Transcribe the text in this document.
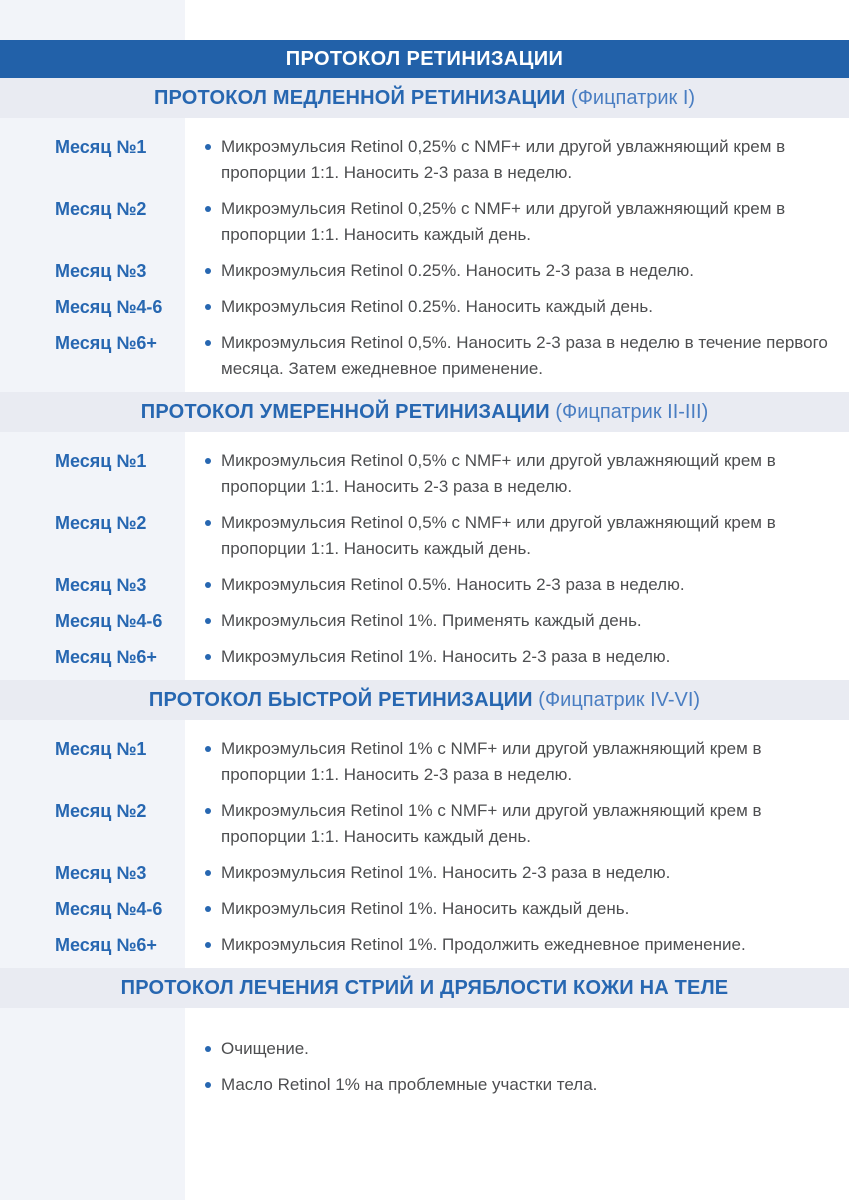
ПРОТОКОЛ РЕТИНИЗАЦИИ
ПРОТОКОЛ МЕДЛЕННОЙ РЕТИНИЗАЦИИ (Фицпатрик I)
Месяц №1	Микроэмульсия Retinol 0,25% с NMF+ или другой увлажняющий крем в пропорции 1:1. Наносить 2-3 раза в неделю.
Месяц №2	Микроэмульсия Retinol 0,25% с NMF+ или другой увлажняющий крем в пропорции 1:1. Наносить каждый день.
Месяц №3	Микроэмульсия Retinol 0.25%. Наносить 2-3 раза в неделю.
Месяц №4-6	Микроэмульсия Retinol 0.25%. Наносить каждый день.
Месяц №6+	Микроэмульсия Retinol 0,5%. Наносить 2-3 раза в неделю в течение первого месяца. Затем ежедневное применение.
ПРОТОКОЛ УМЕРЕННОЙ РЕТИНИЗАЦИИ (Фицпатрик II-III)
Месяц №1	Микроэмульсия Retinol 0,5% с NMF+ или другой увлажняющий крем в пропорции 1:1. Наносить 2-3 раза в неделю.
Месяц №2	Микроэмульсия Retinol 0,5% с NMF+ или другой увлажняющий крем в пропорции 1:1. Наносить каждый день.
Месяц №3	Микроэмульсия Retinol 0.5%. Наносить 2-3 раза в неделю.
Месяц №4-6	Микроэмульсия Retinol 1%. Применять каждый день.
Месяц №6+	Микроэмульсия Retinol 1%. Наносить 2-3 раза в неделю.
ПРОТОКОЛ БЫСТРОЙ РЕТИНИЗАЦИИ (Фицпатрик IV-VI)
Месяц №1	Микроэмульсия Retinol 1% с NMF+ или другой увлажняющий крем в пропорции 1:1. Наносить 2-3 раза в неделю.
Месяц №2	Микроэмульсия Retinol 1% с NMF+ или другой увлажняющий крем в пропорции 1:1. Наносить каждый день.
Месяц №3	Микроэмульсия Retinol 1%. Наносить 2-3 раза в неделю.
Месяц №4-6	Микроэмульсия Retinol 1%. Наносить каждый день.
Месяц №6+	Микроэмульсия Retinol 1%. Продолжить ежедневное применение.
ПРОТОКОЛ ЛЕЧЕНИЯ СТРИЙ И ДРЯБЛОСТИ КОЖИ НА ТЕЛЕ
Очищение.
Масло Retinol 1% на проблемные участки тела.
